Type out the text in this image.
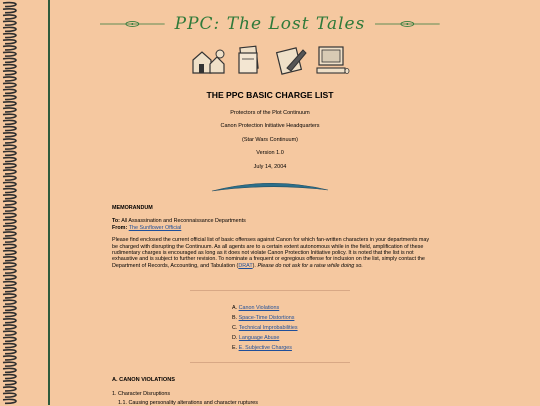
PPC: The Lost Tales
THE PPC BASIC CHARGE LIST
Protectors of the Plot Continuum
Canon Protection Initiative Headquarters
(Star Wars Continuum)
Version 1.0
July 14, 2004
MEMORANDUM
To: All Assassination and Reconnaissance Departments
From: The Sunflower Official

Please find enclosed the current official list of basic offenses against Canon for which fan-written characters in your departments may be charged with disrupting the Continuum. As all agents are to a certain extent autonomous while in the field, amplification of these rudimentary charges is encouraged as long as it does not violate Canon Protection Initiative policy. It is noted that the list is not exhaustive and is subject to further revision. To nominate a frequent or egregious offense for inclusion on the list, simply contact the Department of Records, Accounting, and Tabulation (DRAT). Please do not ask for a raise while doing so.

A. Canon Violations
B. Space-Time Distortions
C. Technical Improbabilities
D. Language Abuse
E. E. Subjective Charges
A. CANON VIOLATIONS
1. Character Disruptions
1.1. Causing personality alterations and character ruptures
